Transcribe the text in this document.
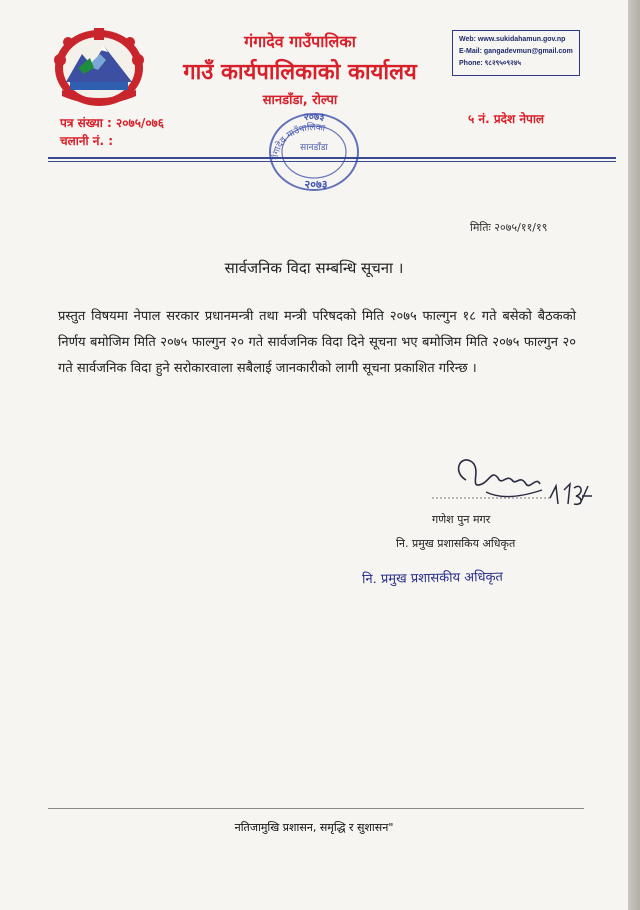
गंगादेव गाउँपालिका
गाउँ कार्यपालिकाको कार्यालय
सानडाँडा, रोल्पा
Web: www.sukidahamun.gov.np
E-Mail: gangadevmun@gmail.com
Phone: ९८२९५०९२४५
पत्र संख्या : २०७५/०७६
चलानी नं. :
५ नं. प्रदेश नेपाल
गंगादेव गाउँपालिका
सानडाँडा
२०७३
२०७३
मितिः २०७५/११/१९
सार्वजनिक विदा सम्बन्धि सूचना ।
प्रस्तुत विषयमा नेपाल सरकार प्रधानमन्त्री तथा मन्त्री परिषदको मिति २०७५ फाल्गुन १८ गते बसेको बैठकको निर्णय बमोजिम मिति २०७५ फाल्गुन २० गते सार्वजनिक विदा दिने सूचना भए बमोजिम मिति २०७५ फाल्गुन २० गते सार्वजनिक विदा हुने सरोकारवाला सबैलाई जानकारीको लागी सूचना प्रकाशित गरिन्छ ।
गणेश पुन मगर
नि. प्रमुख प्रशासकिय अधिकृत
नि. प्रमुख प्रशासकीय अधिकृत
नतिजामुखि प्रशासन, समृद्धि र सुशासन"
